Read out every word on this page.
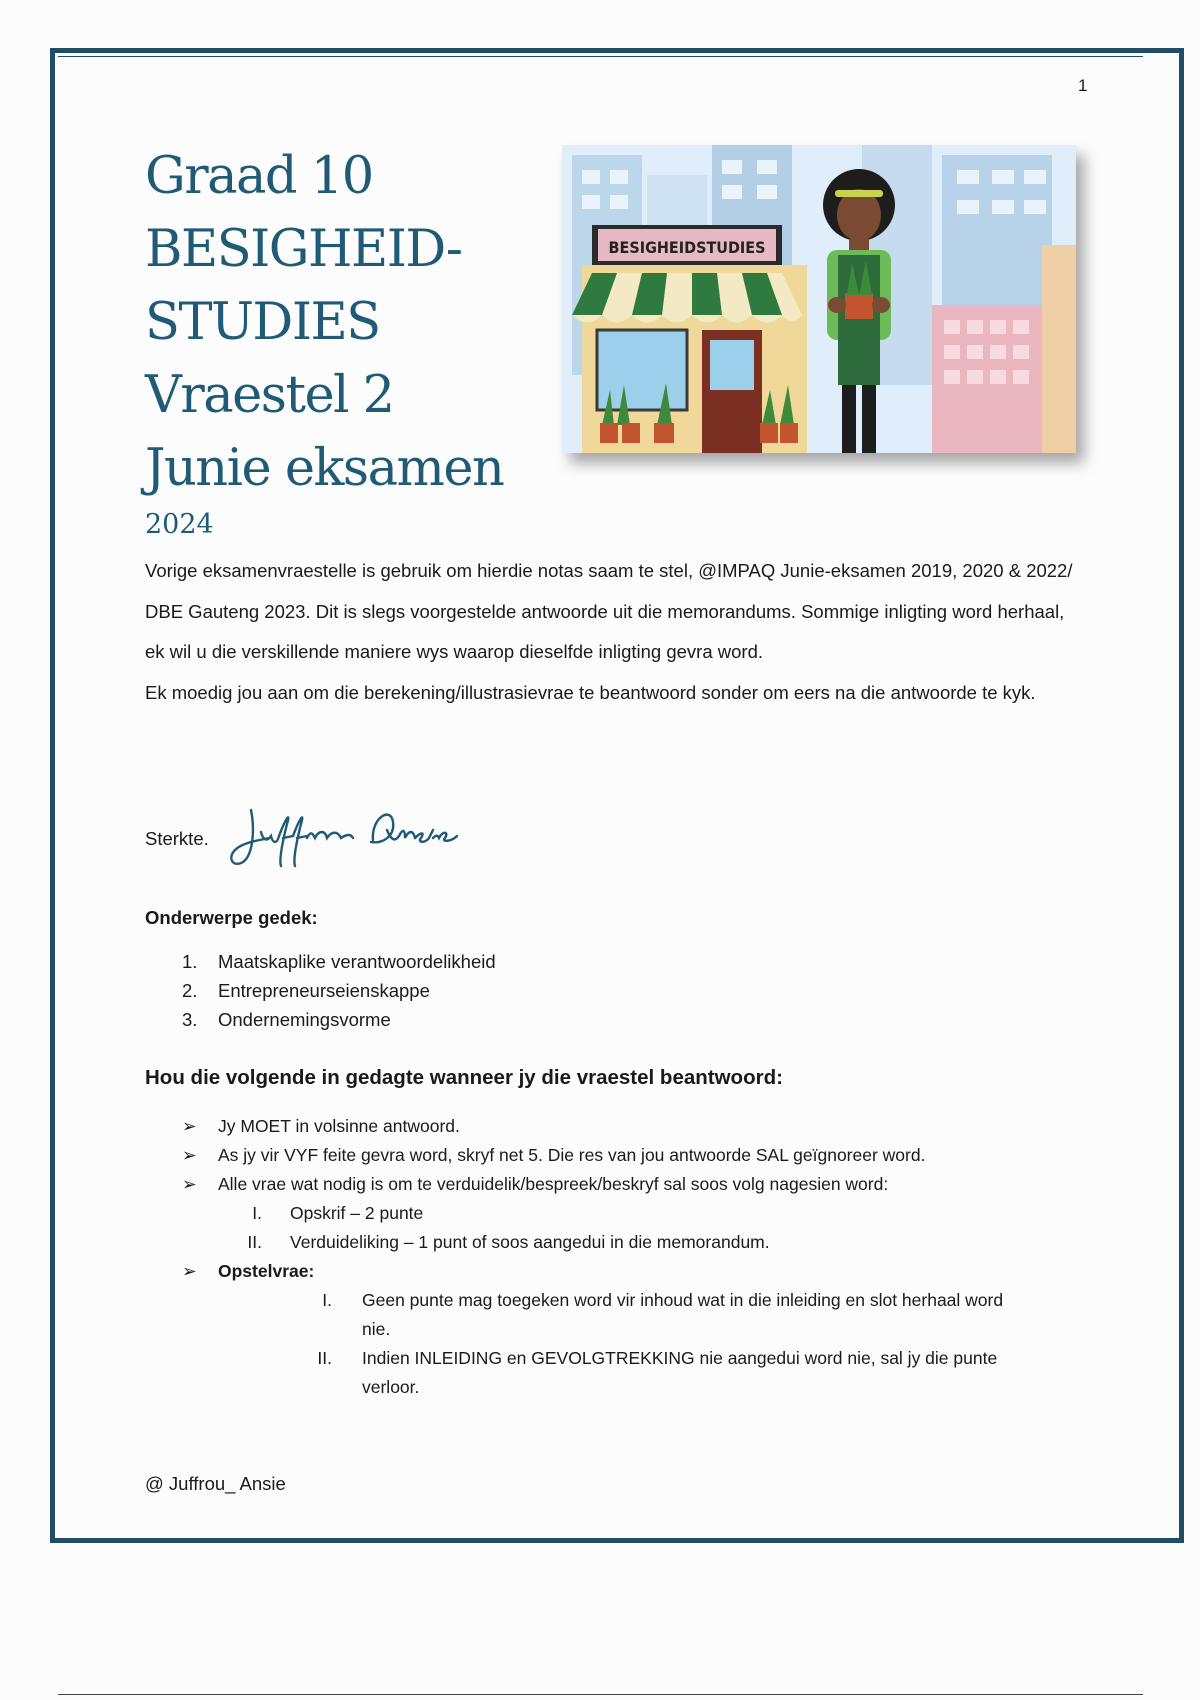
1
Graad 10
BESIGHEID-
STUDIES
Vraestel 2
Junie eksamen
2024
BESIGHEIDSTUDIES

Vorige eksamenvraestelle is gebruik om hierdie notas saam te stel, @IMPAQ Junie-eksamen 2019, 2020 & 2022/ DBE Gauteng 2023. Dit is slegs voorgestelde antwoorde uit die memorandums. Sommige inligting word herhaal, ek wil u die verskillende maniere wys waarop dieselfde inligting gevra word.

Ek moedig jou aan om die berekening/illustrasievrae te beantwoord sonder om eers na die antwoorde te kyk.

Sterkte.
Onderwerpe gedek:
1. Maatskaplike verantwoordelikheid
2. Entrepreneurseienskappe
3. Ondernemingsvorme
Hou die volgende in gedagte wanneer jy die vraestel beantwoord:
➢ Jy MOET in volsinne antwoord.
➢ As jy vir VYF feite gevra word, skryf net 5. Die res van jou antwoorde SAL geïgnoreer word.
➢ Alle vrae wat nodig is om te verduidelik/bespreek/beskryf sal soos volg nagesien word:
I. Opskrif – 2 punte
II. Verduideliking – 1 punt of soos aangedui in die memorandum.
➢ Opstelvrae:
I. Geen punte mag toegeken word vir inhoud wat in die inleiding en slot herhaal word nie.
II. Indien INLEIDING en GEVOLGTREKKING nie aangedui word nie, sal jy die punte verloor.
@ Juffrou_ Ansie
